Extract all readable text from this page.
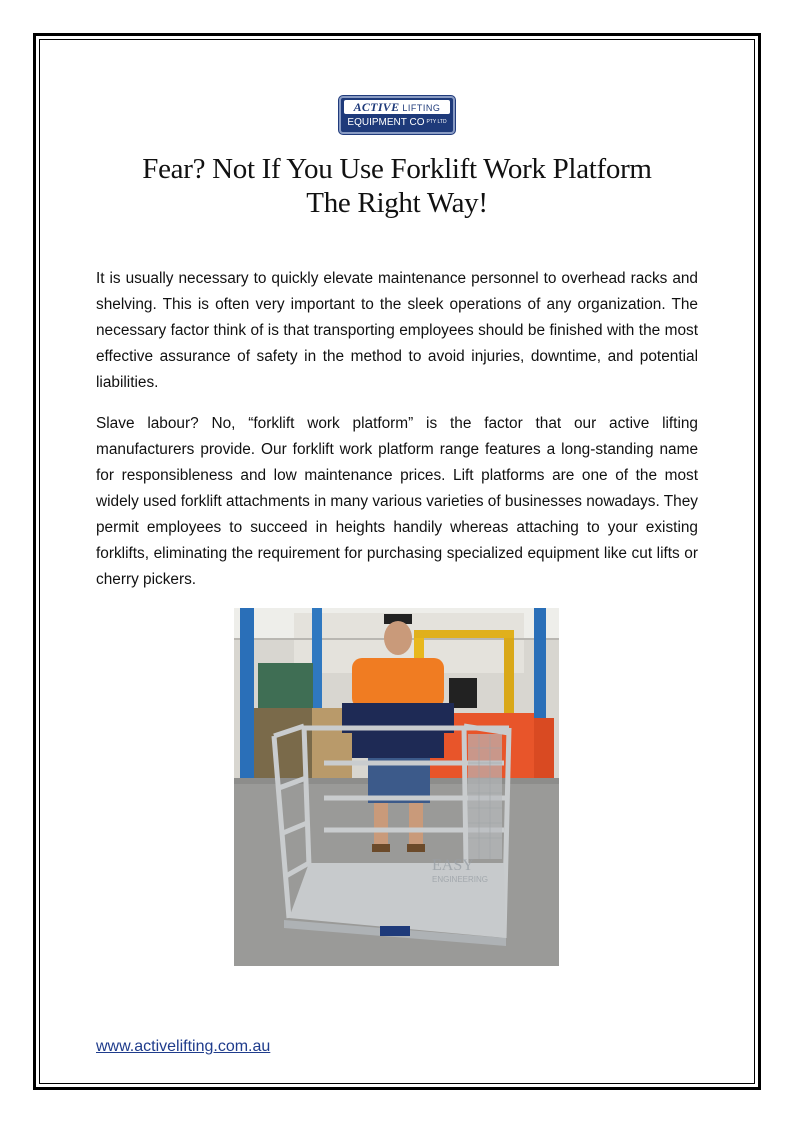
ACTIVE LIFTING
EQUIPMENT CO PTY LTD
Fear? Not If You Use Forklift Work Platform
The Right Way!

It is usually necessary to quickly elevate maintenance personnel to overhead racks and shelving. This is often very important to the sleek operations of any organization. The necessary factor think of is that transporting employees should be finished with the most effective assurance of safety in the method to avoid injuries, downtime, and potential liabilities.

Slave labour? No, “forklift work platform” is the factor that our active lifting manufacturers provide. Our forklift work platform range features a long-standing name for responsibleness and low maintenance prices. Lift platforms are one of the most widely used forklift attachments in many various varieties of businesses nowadays. They permit employees to succeed in heights handily whereas attaching to your existing forklifts, eliminating the requirement for purchasing specialized equipment like cut lifts or cherry pickers.

EASY
ENGINEERING
www.activelifting.com.au
